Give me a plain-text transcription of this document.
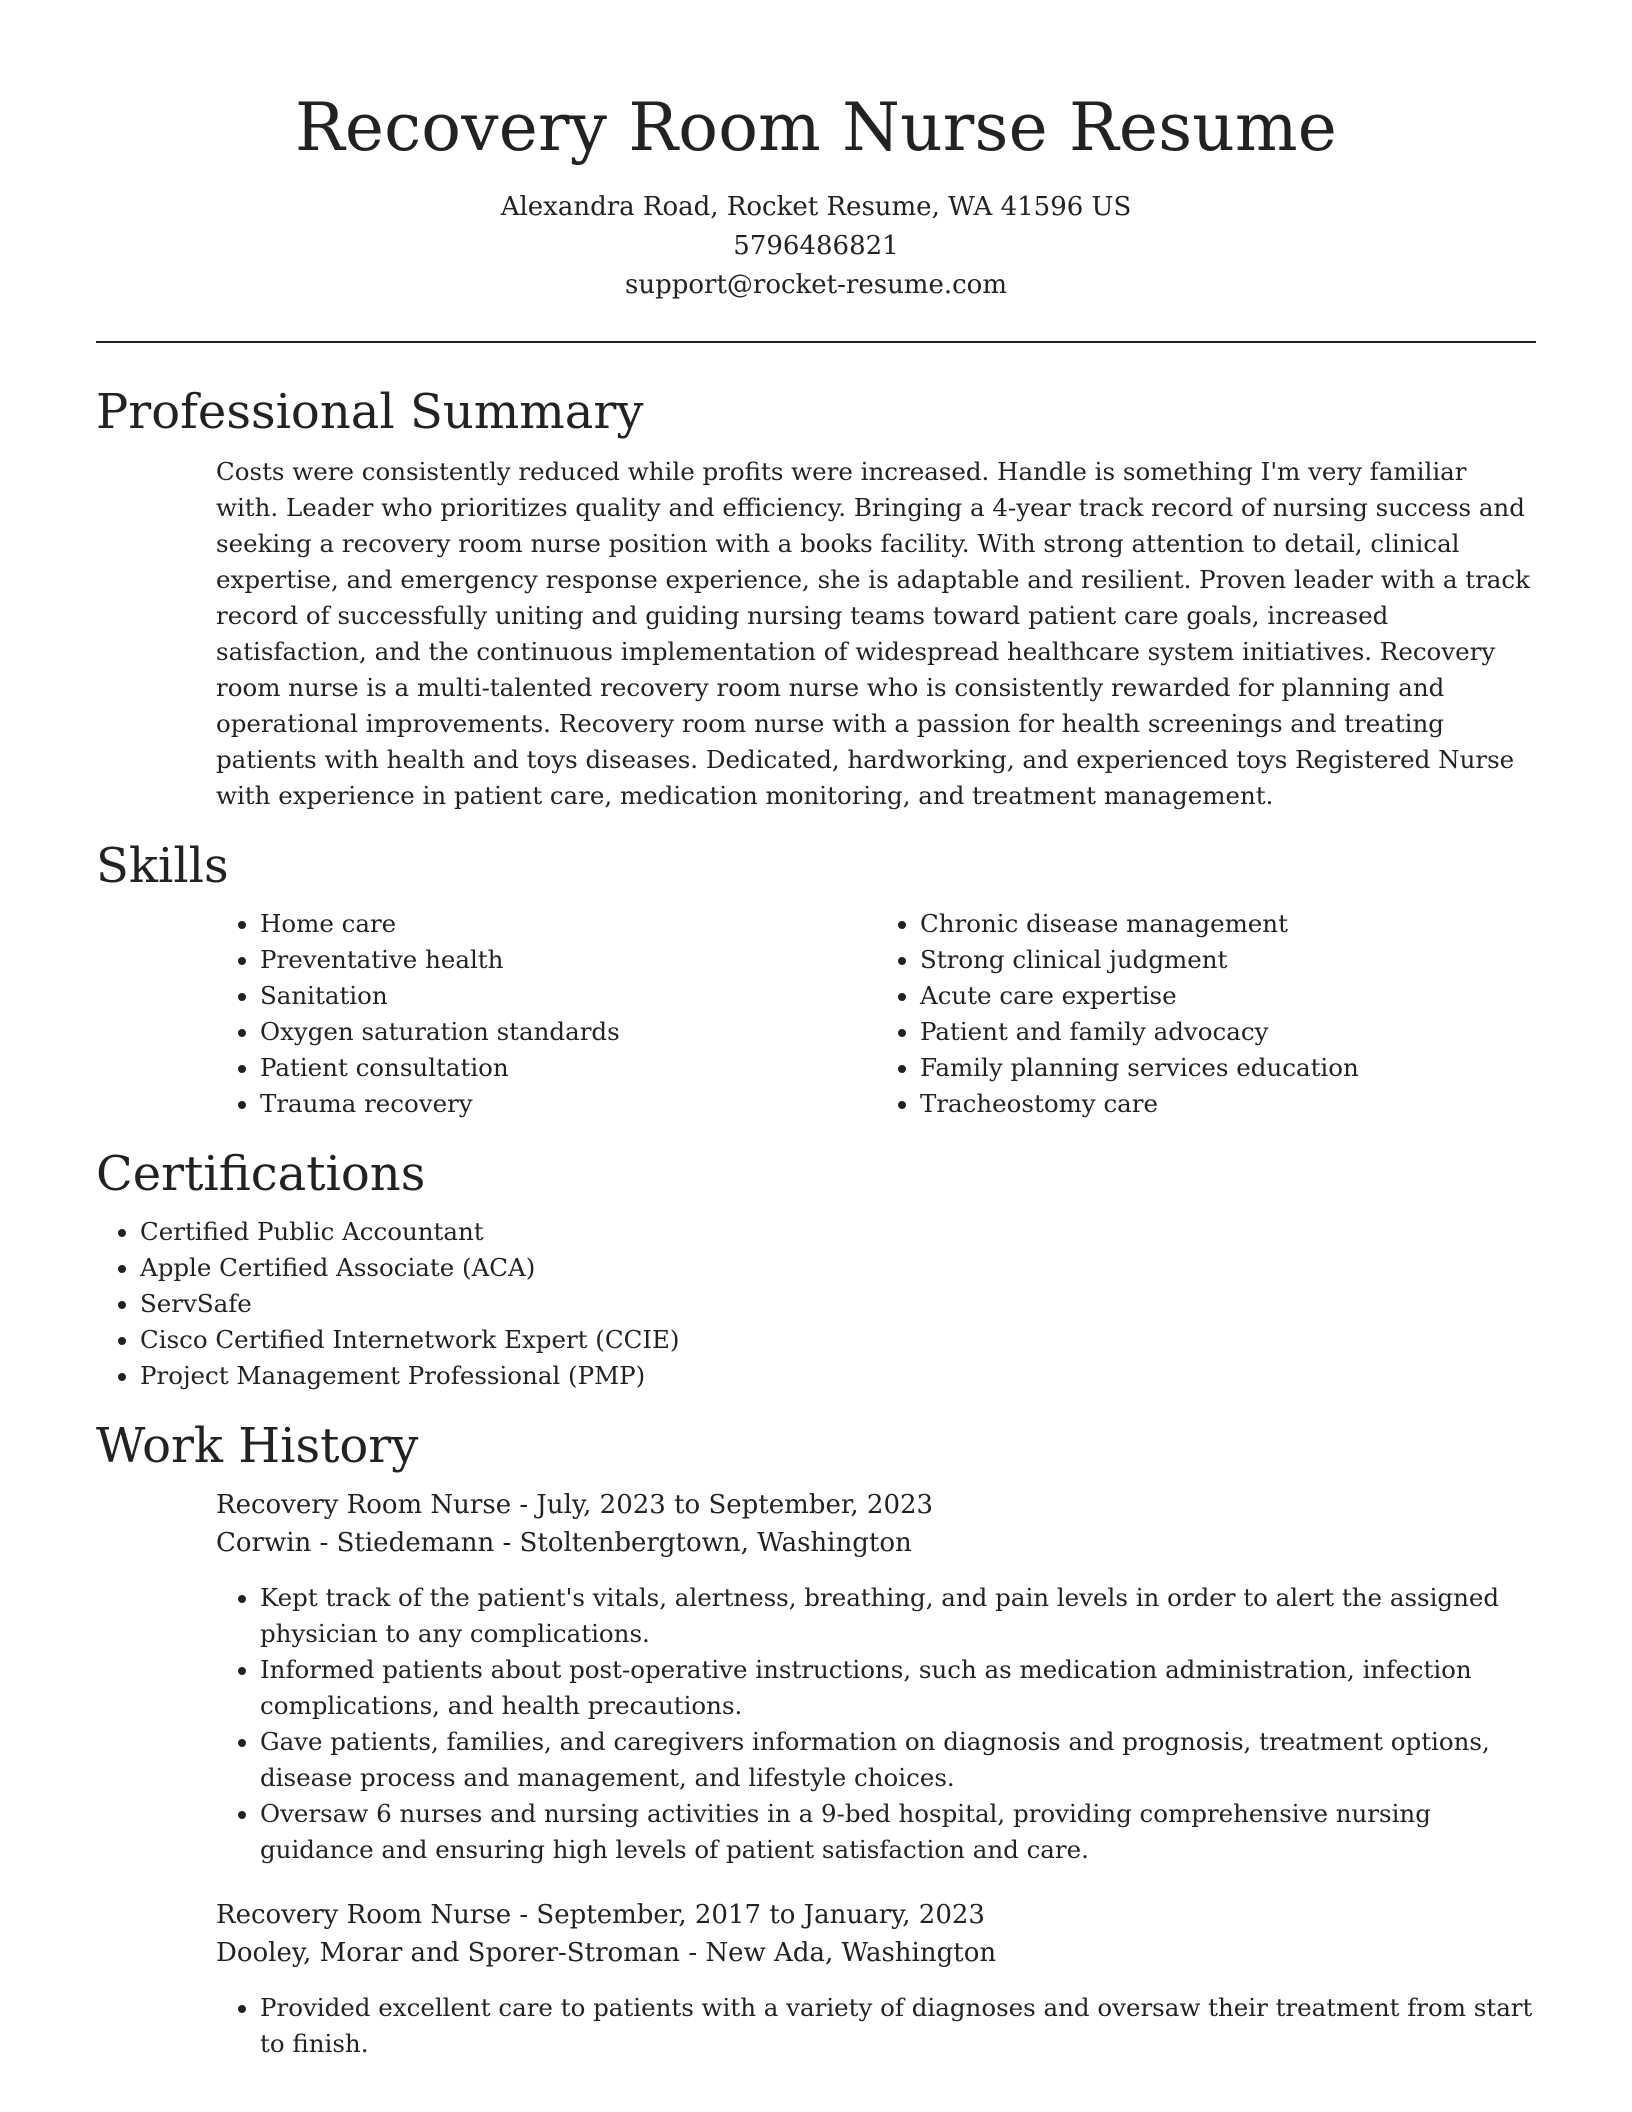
Recovery Room Nurse Resume
Alexandra Road, Rocket Resume, WA 41596 US
5796486821
support@rocket-resume.com
Professional Summary

Costs were consistently reduced while profits were increased. Handle is something I'm very familiar with. Leader who prioritizes quality and efficiency. Bringing a 4-year track record of nursing success and seeking a recovery room nurse position with a books facility. With strong attention to detail, clinical expertise, and emergency response experience, she is adaptable and resilient. Proven leader with a track record of successfully uniting and guiding nursing teams toward patient care goals, increased satisfaction, and the continuous implementation of widespread healthcare system initiatives. Recovery room nurse is a multi-talented recovery room nurse who is consistently rewarded for planning and operational improvements. Recovery room nurse with a passion for health screenings and treating patients with health and toys diseases. Dedicated, hardworking, and experienced toys Registered Nurse with experience in patient care, medication monitoring, and treatment management.

Skills
• Home care
• Preventative health
• Sanitation
• Oxygen saturation standards
• Patient consultation
• Trauma recovery
• Chronic disease management
• Strong clinical judgment
• Acute care expertise
• Patient and family advocacy
• Family planning services education
• Tracheostomy care
Certifications
• Certified Public Accountant
• Apple Certified Associate (ACA)
• ServSafe
• Cisco Certified Internetwork Expert (CCIE)
• Project Management Professional (PMP)
Work History
Recovery Room Nurse - July, 2023 to September, 2023
Corwin - Stiedemann - Stoltenbergtown, Washington
• Kept track of the patient's vitals, alertness, breathing, and pain levels in order to alert the assigned physician to any complications.
• Informed patients about post-operative instructions, such as medication administration, infection complications, and health precautions.
• Gave patients, families, and caregivers information on diagnosis and prognosis, treatment options, disease process and management, and lifestyle choices.
• Oversaw 6 nurses and nursing activities in a 9-bed hospital, providing comprehensive nursing guidance and ensuring high levels of patient satisfaction and care.
Recovery Room Nurse - September, 2017 to January, 2023
Dooley, Morar and Sporer-Stroman - New Ada, Washington
• Provided excellent care to patients with a variety of diagnoses and oversaw their treatment from start to finish.
